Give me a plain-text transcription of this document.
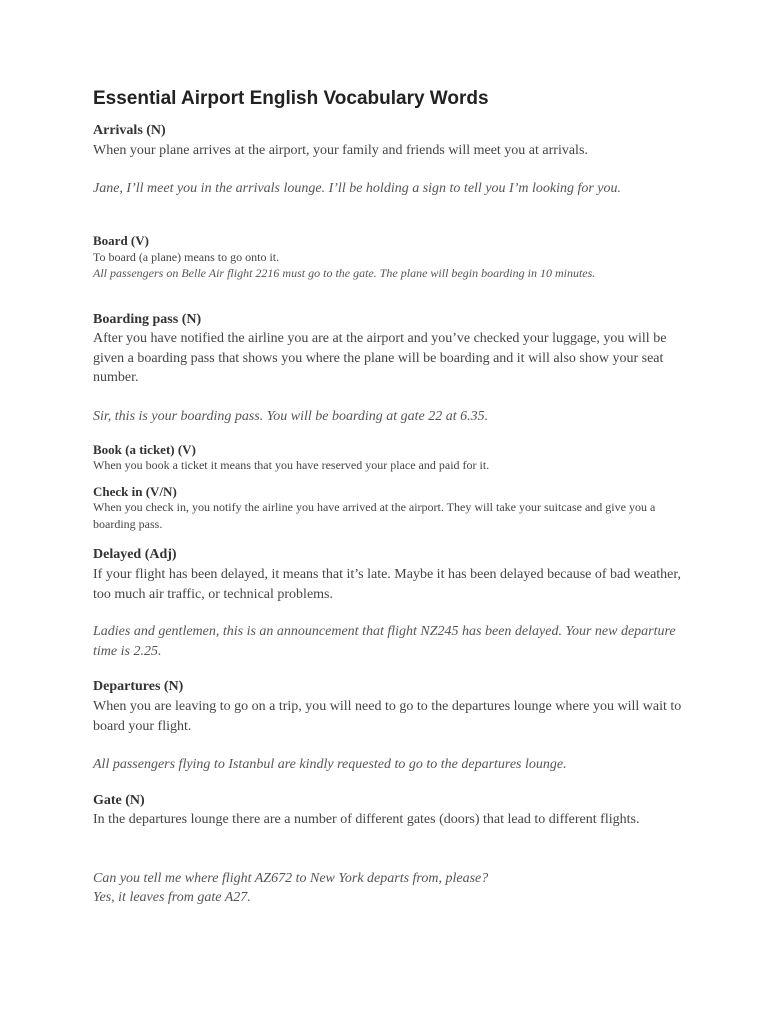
Essential Airport English Vocabulary Words
Arrivals (N)
When your plane arrives at the airport, your family and friends will meet you at arrivals.
Jane, I’ll meet you in the arrivals lounge. I’ll be holding a sign to tell you I’m looking for you.
Board (V)
To board (a plane) means to go onto it.
All passengers on Belle Air flight 2216 must go to the gate. The plane will begin boarding in 10 minutes.
Boarding pass (N)
After you have notified the airline you are at the airport and you’ve checked your luggage, you will be given a boarding pass that shows you where the plane will be boarding and it will also show your seat number.
Sir, this is your boarding pass. You will be boarding at gate 22 at 6.35.
Book (a ticket) (V)
When you book a ticket it means that you have reserved your place and paid for it.
Check in (V/N)
When you check in, you notify the airline you have arrived at the airport. They will take your suitcase and give you a boarding pass.
Delayed (Adj)
If your flight has been delayed, it means that it’s late. Maybe it has been delayed because of bad weather, too much air traffic, or technical problems.
Ladies and gentlemen, this is an announcement that flight NZ245 has been delayed. Your new departure time is 2.25.
Departures (N)
When you are leaving to go on a trip, you will need to go to the departures lounge where you will wait to board your flight.
All passengers flying to Istanbul are kindly requested to go to the departures lounge.
Gate (N)
In the departures lounge there are a number of different gates (doors) that lead to different flights.
Can you tell me where flight AZ672 to New York departs from, please?
Yes, it leaves from gate A27.
